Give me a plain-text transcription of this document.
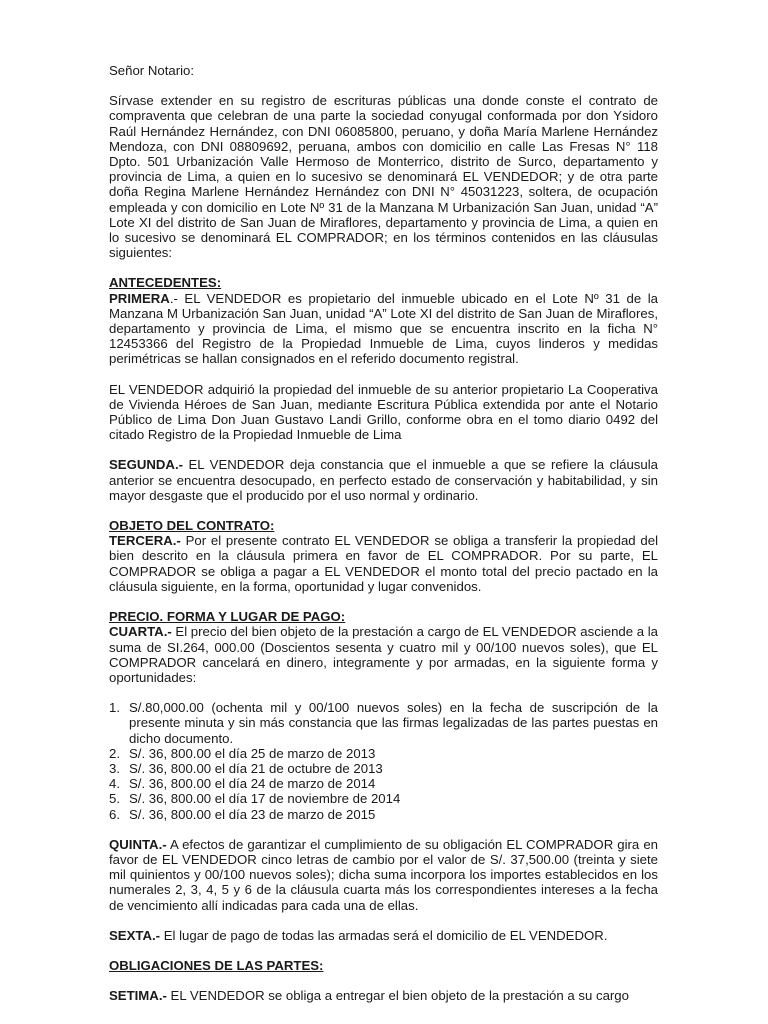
Señor Notario:

Sírvase extender en su registro de escrituras públicas una donde conste el contrato de compraventa que celebran de una parte la sociedad conyugal conformada por don Ysidoro Raúl Hernández Hernández, con DNI 06085800, peruano, y doña María Marlene Hernández Mendoza, con DNI 08809692, peruana, ambos con domicilio en calle Las Fresas N° 118 Dpto. 501 Urbanización Valle Hermoso de Monterrico, distrito de Surco, departamento y provincia de Lima, a quien en lo sucesivo se denominará EL VENDEDOR; y de otra parte doña Regina Marlene Hernández Hernández con DNI N° 45031223, soltera, de ocupación empleada y con domicilio en Lote Nº 31 de la Manzana M Urbanización San Juan, unidad “A” Lote XI del distrito de San Juan de Miraflores, departamento y provincia de Lima, a quien en lo sucesivo se denominará EL COMPRADOR; en los términos contenidos en las cláusulas siguientes:

ANTECEDENTES:

PRIMERA.- EL VENDEDOR es propietario del inmueble ubicado en el Lote Nº 31 de la Manzana M Urbanización San Juan, unidad “A” Lote XI del distrito de San Juan de Miraflores, departamento y provincia de Lima, el mismo que se encuentra inscrito en la ficha N° 12453366 del Registro de la Propiedad Inmueble de Lima, cuyos linderos y medidas perimétricas se hallan consignados en el referido documento registral.

EL VENDEDOR adquirió la propiedad del inmueble de su anterior propietario La Cooperativa de Vivienda Héroes de San Juan, mediante Escritura Pública extendida por ante el Notario Público de Lima Don Juan Gustavo Landi Grillo, conforme obra en el tomo diario 0492 del citado Registro de la Propiedad Inmueble de Lima

SEGUNDA.- EL VENDEDOR deja constancia que el inmueble a que se refiere la cláusula anterior se encuentra desocupado, en perfecto estado de conservación y habitabilidad, y sin mayor desgaste que el producido por el uso normal y ordinario.

OBJETO DEL CONTRATO:

TERCERA.- Por el presente contrato EL VENDEDOR se obliga a transferir la propiedad del bien descrito en la cláusula primera en favor de EL COMPRADOR. Por su parte, EL COMPRADOR se obliga a pagar a EL VENDEDOR el monto total del precio pactado en la cláusula siguiente, en la forma, oportunidad y lugar convenidos.

PRECIO. FORMA Y LUGAR DE PAGO:

CUARTA.- El precio del bien objeto de la prestación a cargo de EL VENDEDOR asciende a la suma de SI.264, 000.00 (Doscientos sesenta y cuatro mil y 00/100 nuevos soles), que EL COMPRADOR cancelará en dinero, integramente y por armadas, en la siguiente forma y oportunidades:

1. S/.80,000.00 (ochenta mil y 00/100 nuevos soles) en la fecha de suscripción de la presente minuta y sin más constancia que las firmas legalizadas de las partes puestas en dicho documento.
2. S/. 36, 800.00 el día 25 de marzo de 2013
3. S/. 36, 800.00 el día 21 de octubre de 2013
4. S/. 36, 800.00 el día 24 de marzo de 2014
5. S/. 36, 800.00 el día 17 de noviembre de 2014
6. S/. 36, 800.00 el día 23 de marzo de 2015

QUINTA.- A efectos de garantizar el cumplimiento de su obligación EL COMPRADOR gira en favor de EL VENDEDOR cinco letras de cambio por el valor de S/. 37,500.00 (treinta y siete mil quinientos y 00/100 nuevos soles); dicha suma incorpora los importes establecidos en los numerales 2, 3, 4, 5 y 6 de la cláusula cuarta más los correspondientes intereses a la fecha de vencimiento allí indicadas para cada una de ellas.

SEXTA.- El lugar de pago de todas las armadas será el domicilio de EL VENDEDOR.

OBLIGACIONES DE LAS PARTES:

SETIMA.- EL VENDEDOR se obliga a entregar el bien objeto de la prestación a su cargo
